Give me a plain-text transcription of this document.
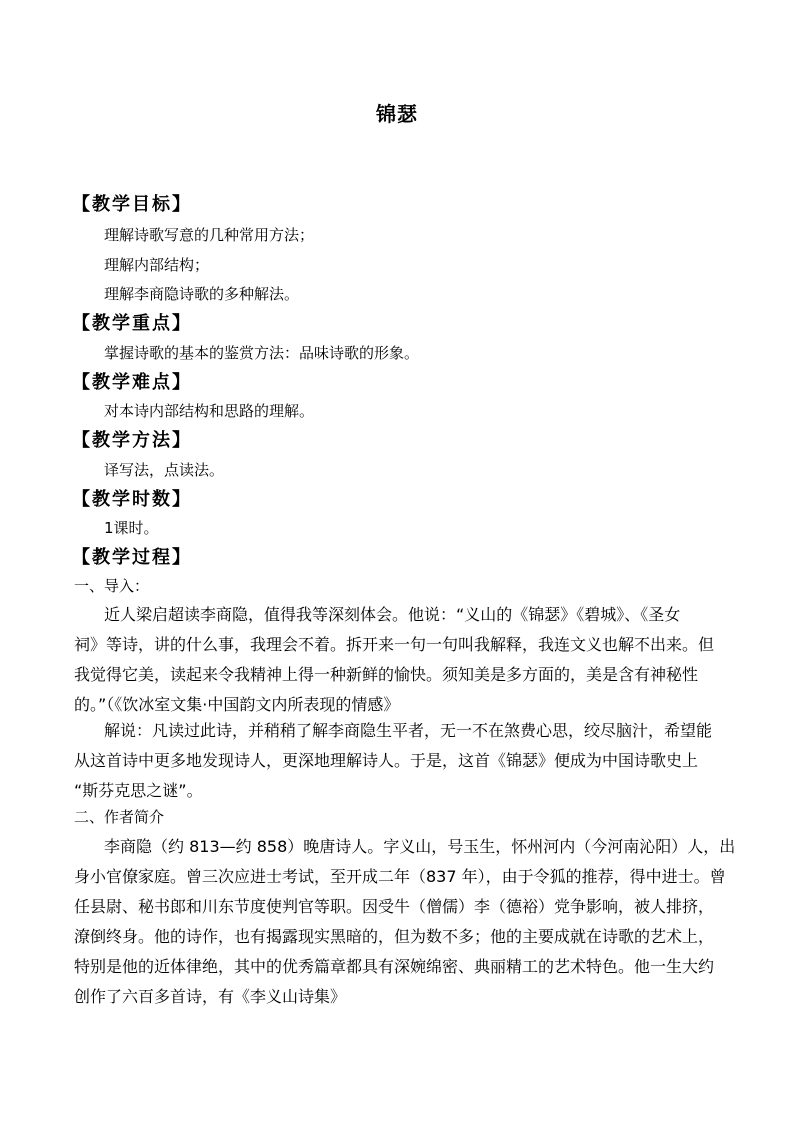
锦瑟
【教学目标】
理解诗歌写意的几种常用方法；
理解内部结构；
理解李商隐诗歌的多种解法。
【教学重点】
掌握诗歌的基本的鉴赏方法：品味诗歌的形象。
【教学难点】
对本诗内部结构和思路的理解。
【教学方法】
译写法，点读法。
【教学时数】
1课时。
【教学过程】
一、导入：
近人梁启超读李商隐，值得我等深刻体会。他说：“义山的《锦瑟》《碧城》、《圣女
祠》等诗，讲的什么事，我理会不着。拆开来一句一句叫我解释，我连文义也解不出来。但
我觉得它美，读起来令我精神上得一种新鲜的愉快。须知美是多方面的，美是含有神秘性
的。”（《饮冰室文集·中国韵文内所表现的情感》
解说：凡读过此诗，并稍稍了解李商隐生平者，无一不在煞费心思，绞尽脑汁，希望能
从这首诗中更多地发现诗人，更深地理解诗人。于是，这首《锦瑟》便成为中国诗歌史上
“斯芬克思之谜”。
二、作者简介
李商隐（约 813—约 858）晚唐诗人。字义山，号玉生，怀州河内（今河南沁阳）人，出
身小官僚家庭。曾三次应进士考试，至开成二年（837 年），由于令狐的推荐，得中进士。曾
任县尉、秘书郎和川东节度使判官等职。因受牛（僧儒）李（德裕）党争影响，被人排挤，
潦倒终身。他的诗作，也有揭露现实黑暗的，但为数不多；他的主要成就在诗歌的艺术上，
特别是他的近体律绝，其中的优秀篇章都具有深婉绵密、典丽精工的艺术特色。他一生大约
创作了六百多首诗，有《李义山诗集》
